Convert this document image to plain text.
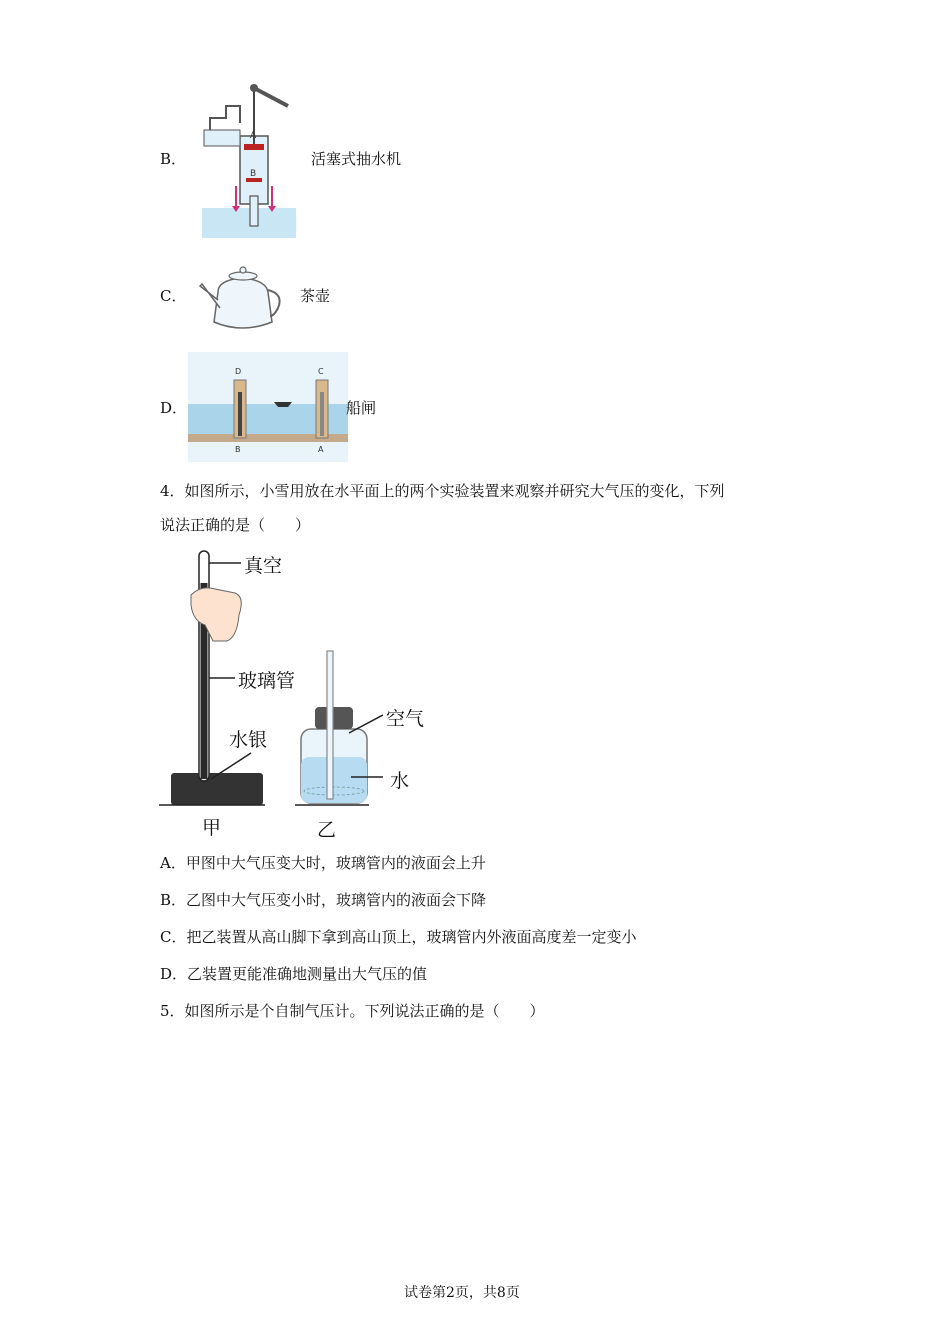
B．
A
B
活塞式抽水机
C．	茶壶
D．
D	C
B	A
船闸
4．如图所示，小雪用放在水平面上的两个实验装置来观察并研究大气压的变化，下列
说法正确的是（　　）
真空
玻璃管
水银
空气
水
甲	乙
A．甲图中大气压变大时，玻璃管内的液面会上升
B．乙图中大气压变小时，玻璃管内的液面会下降
C．把乙装置从高山脚下拿到高山顶上，玻璃管内外液面高度差一定变小
D．乙装置更能准确地测量出大气压的值
5．如图所示是个自制气压计。下列说法正确的是（　　）
试卷第2页，共8页
